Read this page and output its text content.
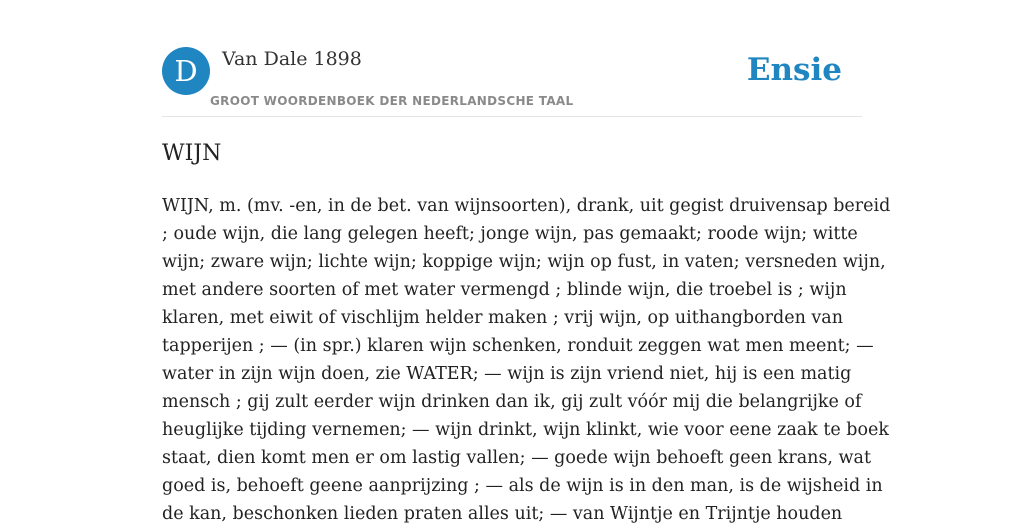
D	Van Dale 1898
GROOT WOORDENBOEK DER NEDERLANDSCHE TAAL
Ensie
WIJN

WIJN, m. (mv. -en, in de bet. van wijnsoorten), drank, uit gegist druivensap bereid
; oude wijn, die lang gelegen heeft; jonge wijn, pas gemaakt; roode wijn; witte
wijn; zware wijn; lichte wijn; koppige wijn; wijn op fust, in vaten; versneden wijn,
met andere soorten of met water vermengd ; blinde wijn, die troebel is ; wijn
klaren, met eiwit of vischlijm helder maken ; vrij wijn, op uithangborden van
tapperijen ; — (in spr.) klaren wijn schenken, ronduit zeggen wat men meent; —
water in zijn wijn doen, zie WATER; — wijn is zijn vriend niet, hij is een matig
mensch ; gij zult eerder wijn drinken dan ik, gij zult vóór mij die belangrijke of
heuglijke tijding vernemen; — wijn drinkt, wijn klinkt, wie voor eene zaak te boek
staat, dien komt men er om lastig vallen; — goede wijn behoeft geen krans, wat
goed is, behoeft geene aanprijzing ; — als de wijn is in den man, is de wijsheid in
de kan, beschonken lieden praten alles uit; — van Wijntje en Trijntje houden
